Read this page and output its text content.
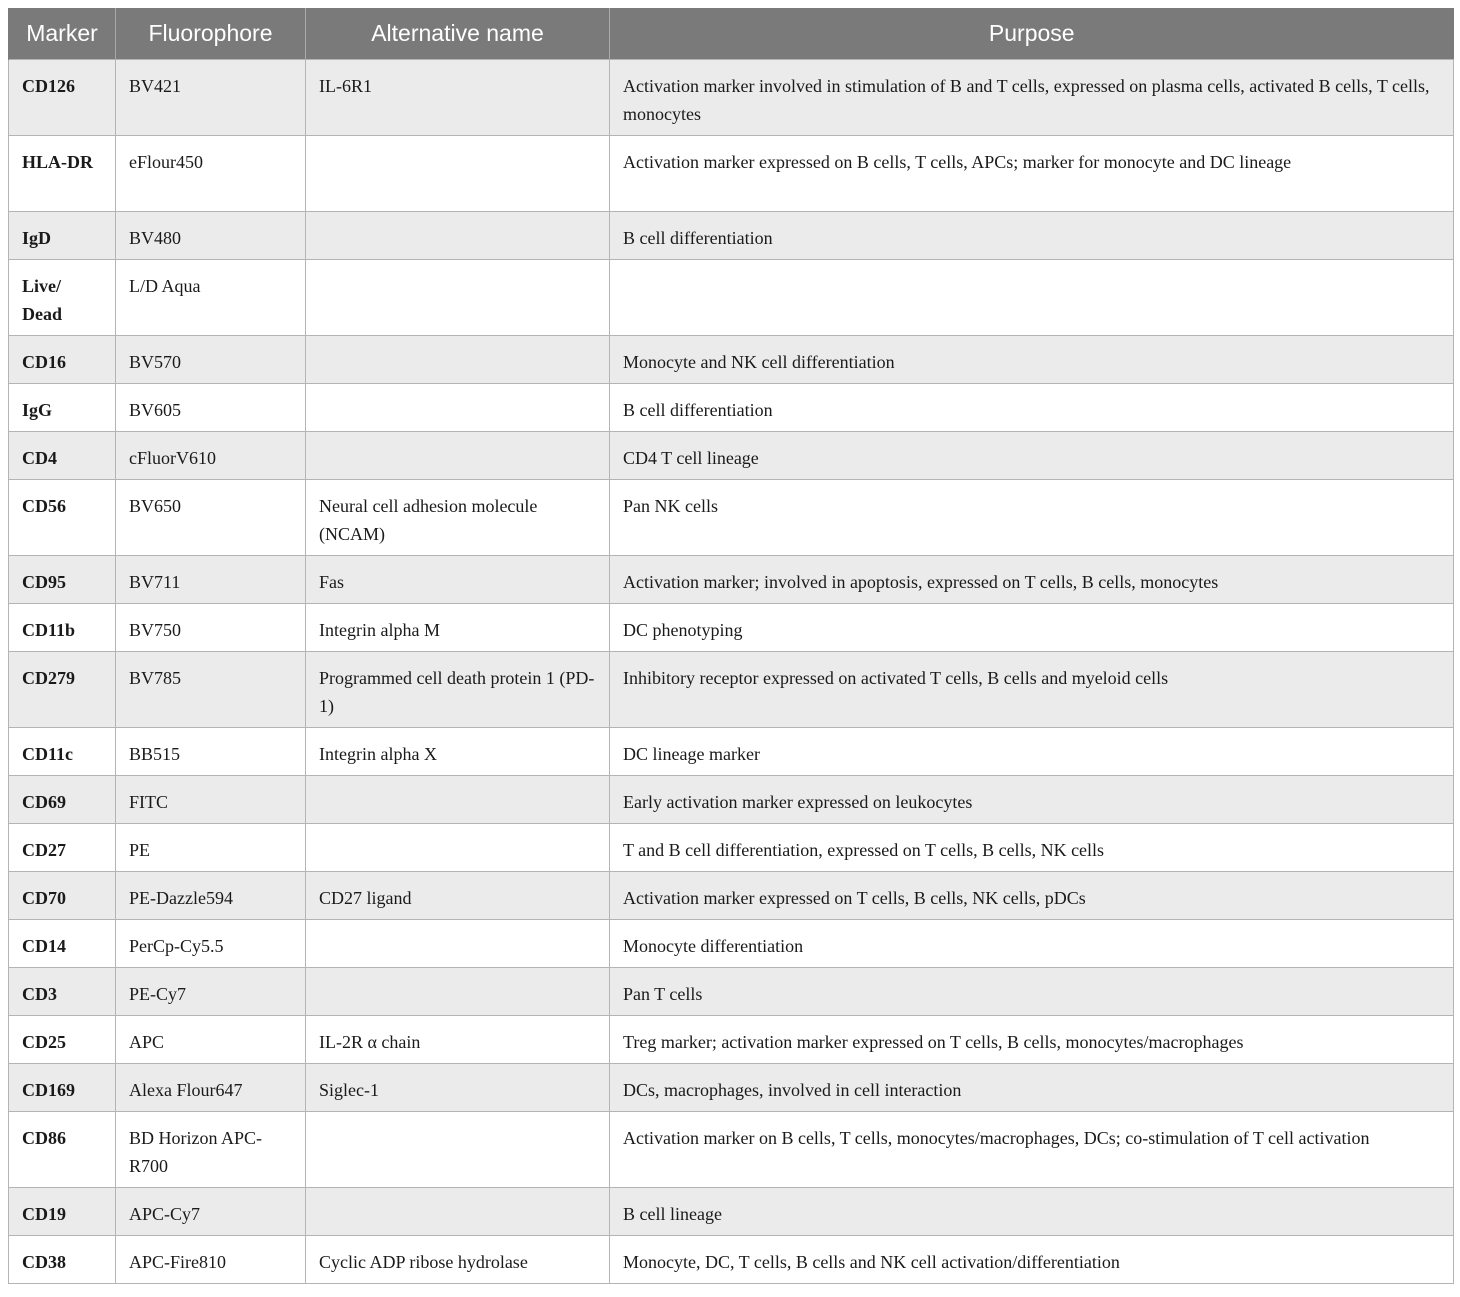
Marker	Fluorophore	Alternative name	Purpose
CD126	BV421	IL-6R1	Activation marker involved in stimulation of B and T cells, expressed on plasma cells, activated B cells, T cells, monocytes
HLA-DR	eFlour450		Activation marker expressed on B cells, T cells, APCs; marker for monocyte and DC lineage
IgD	BV480		B cell differentiation
Live/ Dead	L/D Aqua		
CD16	BV570		Monocyte and NK cell differentiation
IgG	BV605		B cell differentiation
CD4	cFluorV610		CD4 T cell lineage
CD56	BV650	Neural cell adhesion molecule (NCAM)	Pan NK cells
CD95	BV711	Fas	Activation marker; involved in apoptosis, expressed on T cells, B cells, monocytes
CD11b	BV750	Integrin alpha M	DC phenotyping
CD279	BV785	Programmed cell death protein 1 (PD-1)	Inhibitory receptor expressed on activated T cells, B cells and myeloid cells
CD11c	BB515	Integrin alpha X	DC lineage marker
CD69	FITC		Early activation marker expressed on leukocytes
CD27	PE		T and B cell differentiation, expressed on T cells, B cells, NK cells
CD70	PE-Dazzle594	CD27 ligand	Activation marker expressed on T cells, B cells, NK cells, pDCs
CD14	PerCp-Cy5.5		Monocyte differentiation
CD3	PE-Cy7		Pan T cells
CD25	APC	IL-2R α chain	Treg marker; activation marker expressed on T cells, B cells, monocytes/macrophages
CD169	Alexa Flour647	Siglec-1	DCs, macrophages, involved in cell interaction
CD86	BD Horizon APC-R700		Activation marker on B cells, T cells, monocytes/macrophages, DCs; co-stimulation of T cell activation
CD19	APC-Cy7		B cell lineage
CD38	APC-Fire810	Cyclic ADP ribose hydrolase	Monocyte, DC, T cells, B cells and NK cell activation/differentiation
